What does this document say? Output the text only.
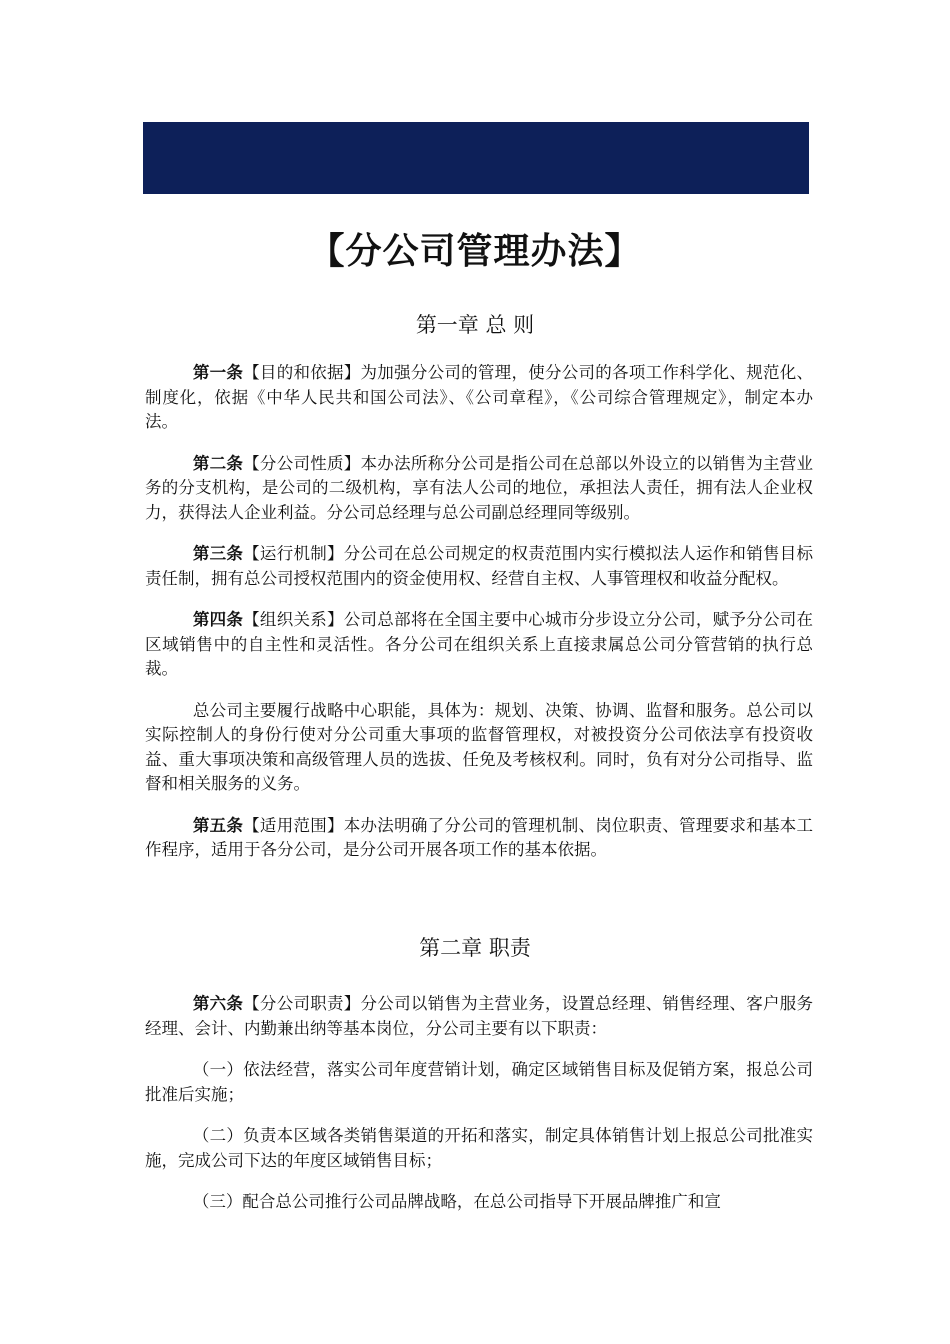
【分公司管理办法】
第一章 总 则

第一条【目的和依据】为加强分公司的管理，使分公司的各项工作科学化、规范化、制度化，依据《中华人民共和国公司法》、《公司章程》，《公司综合管理规定》，制定本办法。

第二条【分公司性质】本办法所称分公司是指公司在总部以外设立的以销售为主营业务的分支机构，是公司的二级机构，享有法人公司的地位，承担法人责任，拥有法人企业权力，获得法人企业利益。分公司总经理与总公司副总经理同等级别。

第三条【运行机制】分公司在总公司规定的权责范围内实行模拟法人运作和销售目标责任制，拥有总公司授权范围内的资金使用权、经营自主权、人事管理权和收益分配权。

第四条【组织关系】公司总部将在全国主要中心城市分步设立分公司，赋予分公司在区域销售中的自主性和灵活性。各分公司在组织关系上直接隶属总公司分管营销的执行总裁。

总公司主要履行战略中心职能，具体为：规划、决策、协调、监督和服务。总公司以实际控制人的身份行使对分公司重大事项的监督管理权，对被投资分公司依法享有投资收益、重大事项决策和高级管理人员的选拔、任免及考核权利。同时，负有对分公司指导、监督和相关服务的义务。

第五条【适用范围】本办法明确了分公司的管理机制、岗位职责、管理要求和基本工作程序，适用于各分公司，是分公司开展各项工作的基本依据。

第二章 职责

第六条【分公司职责】分公司以销售为主营业务，设置总经理、销售经理、客户服务经理、会计、内勤兼出纳等基本岗位，分公司主要有以下职责：

（一）依法经营，落实公司年度营销计划，确定区域销售目标及促销方案，报总公司批准后实施；

（二）负责本区域各类销售渠道的开拓和落实，制定具体销售计划上报总公司批准实施，完成公司下达的年度区域销售目标；

（三）配合总公司推行公司品牌战略，在总公司指导下开展品牌推广和宣
